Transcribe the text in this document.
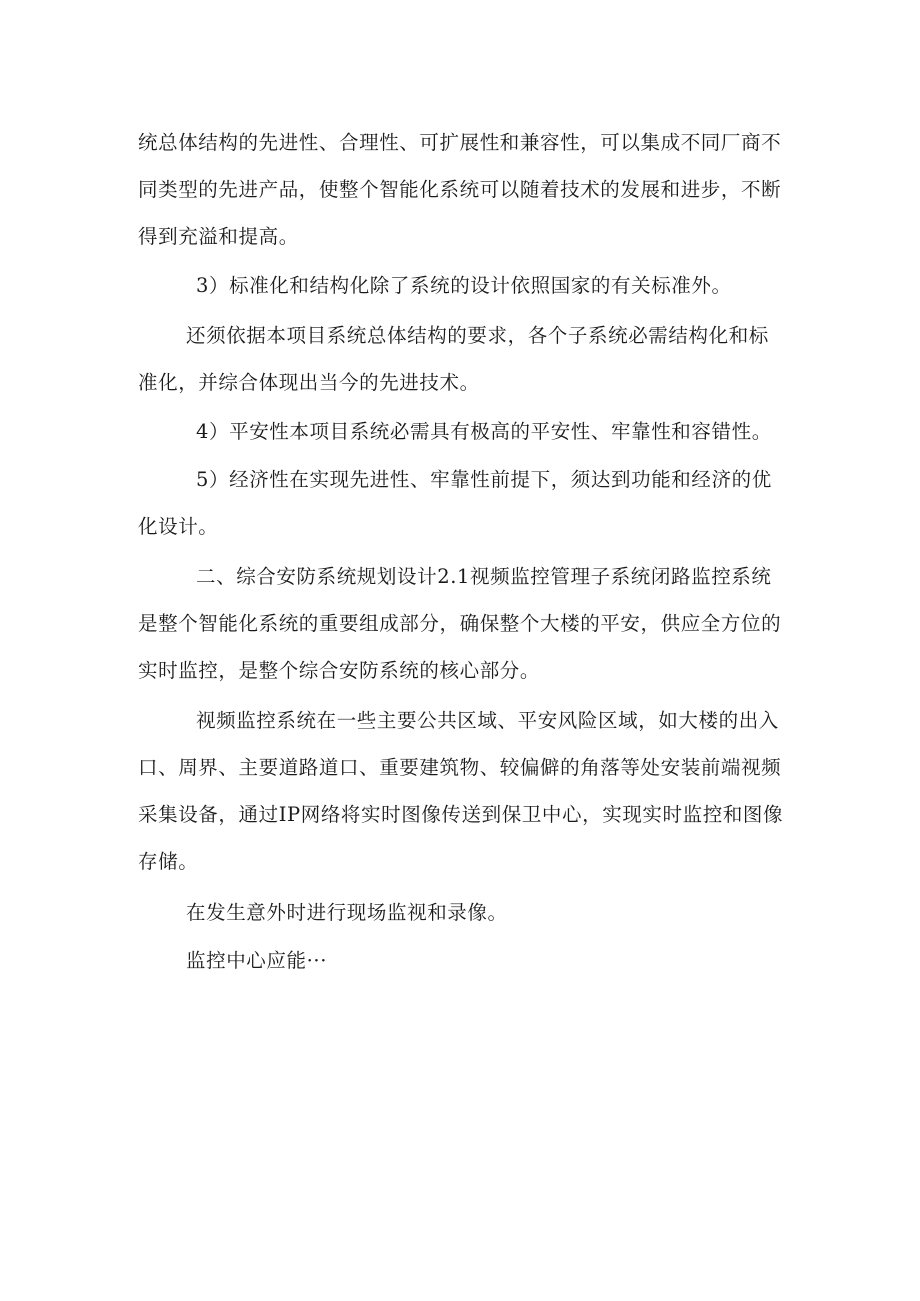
统总体结构的先进性、合理性、可扩展性和兼容性，可以集成不同厂商不同类型的先进产品，使整个智能化系统可以随着技术的发展和进步，不断得到充溢和提高。

3）标准化和结构化除了系统的设计依照国家的有关标准外。

还须依据本项目系统总体结构的要求，各个子系统必需结构化和标准化，并综合体现出当今的先进技术。

4）平安性本项目系统必需具有极高的平安性、牢靠性和容错性。

5）经济性在实现先进性、牢靠性前提下，须达到功能和经济的优化设计。

二、综合安防系统规划设计2.1视频监控管理子系统闭路监控系统是整个智能化系统的重要组成部分，确保整个大楼的平安，供应全方位的实时监控，是整个综合安防系统的核心部分。

视频监控系统在一些主要公共区域、平安风险区域，如大楼的出入口、周界、主要道路道口、重要建筑物、较偏僻的角落等处安装前端视频采集设备，通过IP网络将实时图像传送到保卫中心，实现实时监控和图像存储。

在发生意外时进行现场监视和录像。

监控中心应能···
